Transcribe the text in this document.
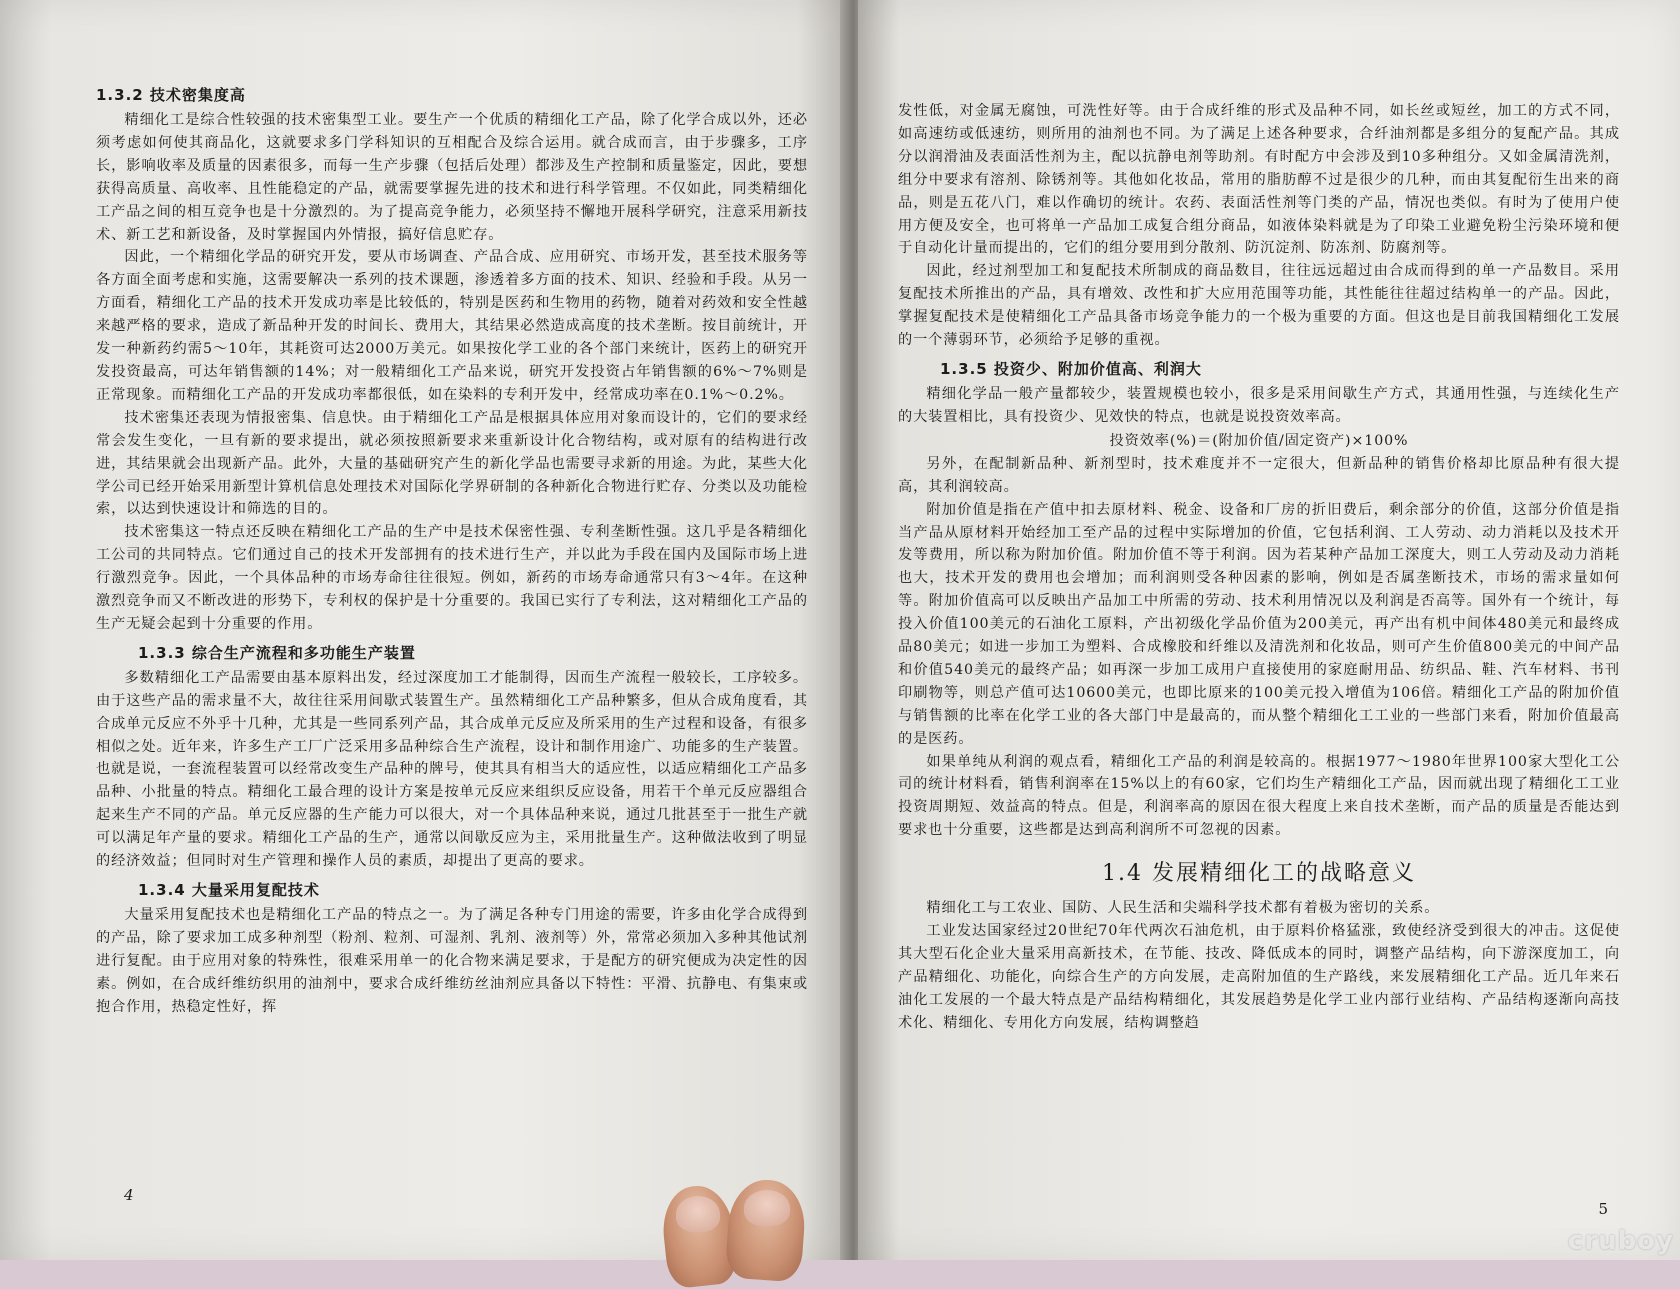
1.3.2 技术密集度高

精细化工是综合性较强的技术密集型工业。要生产一个优质的精细化工产品，除了化学合成以外，还必须考虑如何使其商品化，这就要求多门学科知识的互相配合及综合运用。就合成而言，由于步骤多，工序长，影响收率及质量的因素很多，而每一生产步骤（包括后处理）都涉及生产控制和质量鉴定，因此，要想获得高质量、高收率、且性能稳定的产品，就需要掌握先进的技术和进行科学管理。不仅如此，同类精细化工产品之间的相互竞争也是十分激烈的。为了提高竞争能力，必须坚持不懈地开展科学研究，注意采用新技术、新工艺和新设备，及时掌握国内外情报，搞好信息贮存。

因此，一个精细化学品的研究开发，要从市场调查、产品合成、应用研究、市场开发，甚至技术服务等各方面全面考虑和实施，这需要解决一系列的技术课题，渗透着多方面的技术、知识、经验和手段。从另一方面看，精细化工产品的技术开发成功率是比较低的，特别是医药和生物用的药物，随着对药效和安全性越来越严格的要求，造成了新品种开发的时间长、费用大，其结果必然造成高度的技术垄断。按目前统计，开发一种新药约需5～10年，其耗资可达2000万美元。如果按化学工业的各个部门来统计，医药上的研究开发投资最高，可达年销售额的14%；对一般精细化工产品来说，研究开发投资占年销售额的6%～7%则是正常现象。而精细化工产品的开发成功率都很低，如在染料的专利开发中，经常成功率在0.1%～0.2%。

技术密集还表现为情报密集、信息快。由于精细化工产品是根据具体应用对象而设计的，它们的要求经常会发生变化，一旦有新的要求提出，就必须按照新要求来重新设计化合物结构，或对原有的结构进行改进，其结果就会出现新产品。此外，大量的基础研究产生的新化学品也需要寻求新的用途。为此，某些大化学公司已经开始采用新型计算机信息处理技术对国际化学界研制的各种新化合物进行贮存、分类以及功能检索，以达到快速设计和筛选的目的。

技术密集这一特点还反映在精细化工产品的生产中是技术保密性强、专利垄断性强。这几乎是各精细化工公司的共同特点。它们通过自己的技术开发部拥有的技术进行生产，并以此为手段在国内及国际市场上进行激烈竞争。因此，一个具体品种的市场寿命往往很短。例如，新药的市场寿命通常只有3～4年。在这种激烈竞争而又不断改进的形势下，专利权的保护是十分重要的。我国已实行了专利法，这对精细化工产品的生产无疑会起到十分重要的作用。

1.3.3 综合生产流程和多功能生产装置

多数精细化工产品需要由基本原料出发，经过深度加工才能制得，因而生产流程一般较长，工序较多。由于这些产品的需求量不大，故往往采用间歇式装置生产。虽然精细化工产品种繁多，但从合成角度看，其合成单元反应不外乎十几种，尤其是一些同系列产品，其合成单元反应及所采用的生产过程和设备，有很多相似之处。近年来，许多生产工厂广泛采用多品种综合生产流程，设计和制作用途广、功能多的生产装置。也就是说，一套流程装置可以经常改变生产品种的牌号，使其具有相当大的适应性，以适应精细化工产品多品种、小批量的特点。精细化工最合理的设计方案是按单元反应来组织反应设备，用若干个单元反应器组合起来生产不同的产品。单元反应器的生产能力可以很大，对一个具体品种来说，通过几批甚至于一批生产就可以满足年产量的要求。精细化工产品的生产，通常以间歇反应为主，采用批量生产。这种做法收到了明显的经济效益；但同时对生产管理和操作人员的素质，却提出了更高的要求。

1.3.4 大量采用复配技术

大量采用复配技术也是精细化工产品的特点之一。为了满足各种专门用途的需要，许多由化学合成得到的产品，除了要求加工成多种剂型（粉剂、粒剂、可湿剂、乳剂、液剂等）外，常常必须加入多种其他试剂进行复配。由于应用对象的特殊性，很难采用单一的化合物来满足要求，于是配方的研究便成为决定性的因素。例如，在合成纤维纺织用的油剂中，要求合成纤维纺丝油剂应具备以下特性：平滑、抗静电、有集束或抱合作用，热稳定性好，挥

4

发性低，对金属无腐蚀，可洗性好等。由于合成纤维的形式及品种不同，如长丝或短丝，加工的方式不同，如高速纺或低速纺，则所用的油剂也不同。为了满足上述各种要求，合纤油剂都是多组分的复配产品。其成分以润滑油及表面活性剂为主，配以抗静电剂等助剂。有时配方中会涉及到10多种组分。又如金属清洗剂，组分中要求有溶剂、除锈剂等。其他如化妆品，常用的脂肪醇不过是很少的几种，而由其复配衍生出来的商品，则是五花八门，难以作确切的统计。农药、表面活性剂等门类的产品，情况也类似。有时为了使用户使用方便及安全，也可将单一产品加工成复合组分商品，如液体染料就是为了印染工业避免粉尘污染环境和便于自动化计量而提出的，它们的组分要用到分散剂、防沉淀剂、防冻剂、防腐剂等。

因此，经过剂型加工和复配技术所制成的商品数目，往往远远超过由合成而得到的单一产品数目。采用复配技术所推出的产品，具有增效、改性和扩大应用范围等功能，其性能往往超过结构单一的产品。因此，掌握复配技术是使精细化工产品具备市场竞争能力的一个极为重要的方面。但这也是目前我国精细化工发展的一个薄弱环节，必须给予足够的重视。

1.3.5 投资少、附加价值高、利润大

精细化学品一般产量都较少，装置规模也较小，很多是采用间歇生产方式，其通用性强，与连续化生产的大装置相比，具有投资少、见效快的特点，也就是说投资效率高。

投资效率(%)＝(附加价值/固定资产)×100%

另外，在配制新品种、新剂型时，技术难度并不一定很大，但新品种的销售价格却比原品种有很大提高，其利润较高。

附加价值是指在产值中扣去原材料、税金、设备和厂房的折旧费后，剩余部分的价值，这部分价值是指当产品从原材料开始经加工至产品的过程中实际增加的价值，它包括利润、工人劳动、动力消耗以及技术开发等费用，所以称为附加价值。附加价值不等于利润。因为若某种产品加工深度大，则工人劳动及动力消耗也大，技术开发的费用也会增加；而利润则受各种因素的影响，例如是否属垄断技术，市场的需求量如何等。附加价值高可以反映出产品加工中所需的劳动、技术利用情况以及利润是否高等。国外有一个统计，每投入价值100美元的石油化工原料，产出初级化学品价值为200美元，再产出有机中间体480美元和最终成品80美元；如进一步加工为塑料、合成橡胶和纤维以及清洗剂和化妆品，则可产生价值800美元的中间产品和价值540美元的最终产品；如再深一步加工成用户直接使用的家庭耐用品、纺织品、鞋、汽车材料、书刊印刷物等，则总产值可达10600美元，也即比原来的100美元投入增值为106倍。精细化工产品的附加价值与销售额的比率在化学工业的各大部门中是最高的，而从整个精细化工工业的一些部门来看，附加价值最高的是医药。

如果单纯从利润的观点看，精细化工产品的利润是较高的。根据1977～1980年世界100家大型化工公司的统计材料看，销售利润率在15%以上的有60家，它们均生产精细化工产品，因而就出现了精细化工工业投资周期短、效益高的特点。但是，利润率高的原因在很大程度上来自技术垄断，而产品的质量是否能达到要求也十分重要，这些都是达到高利润所不可忽视的因素。

1.4 发展精细化工的战略意义

精细化工与工农业、国防、人民生活和尖端科学技术都有着极为密切的关系。

工业发达国家经过20世纪70年代两次石油危机，由于原料价格猛涨，致使经济受到很大的冲击。这促使其大型石化企业大量采用高新技术，在节能、技改、降低成本的同时，调整产品结构，向下游深度加工，向产品精细化、功能化，向综合生产的方向发展，走高附加值的生产路线，来发展精细化工产品。近几年来石油化工发展的一个最大特点是产品结构精细化，其发展趋势是化学工业内部行业结构、产品结构逐渐向高技术化、精细化、专用化方向发展，结构调整趋

5
cruboy
